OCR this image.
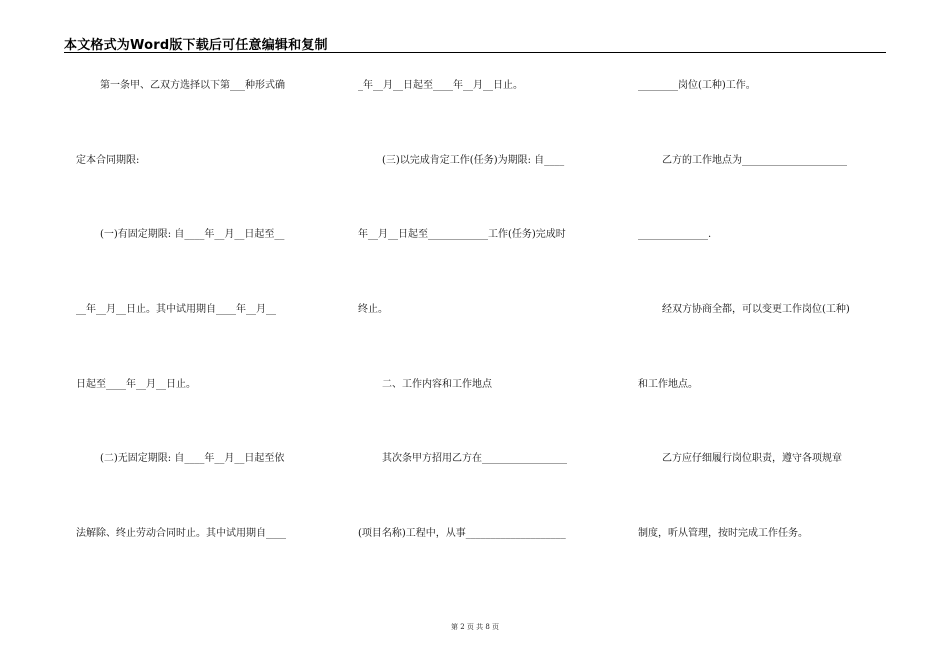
本文格式为Word版下载后可任意编辑和复制
第一条甲、乙双方选择以下第___种形式确
定本合同期限:
(一)有固定期限: 自____年__月__日起至__
__年__月__日止。其中试用期自____年__月__
日起至____年__月__日止。
(二)无固定期限: 自____年__月__日起至依
法解除、终止劳动合同时止。其中试用期自____
_年__月__日起至____年__月__日止。
(三)以完成肯定工作(任务)为期限: 自____
年__月__日起至____________工作(任务)完成时
终止。
二、工作内容和工作地点
其次条甲方招用乙方在_________________
(项目名称)工程中，从事____________________
________岗位(工种)工作。
乙方的工作地点为_____________________
______________.
经双方协商全都，可以变更工作岗位(工种)
和工作地点。
乙方应仔细履行岗位职责，遵守各项规章
制度，听从管理，按时完成工作任务。
第 2 页 共 8 页
